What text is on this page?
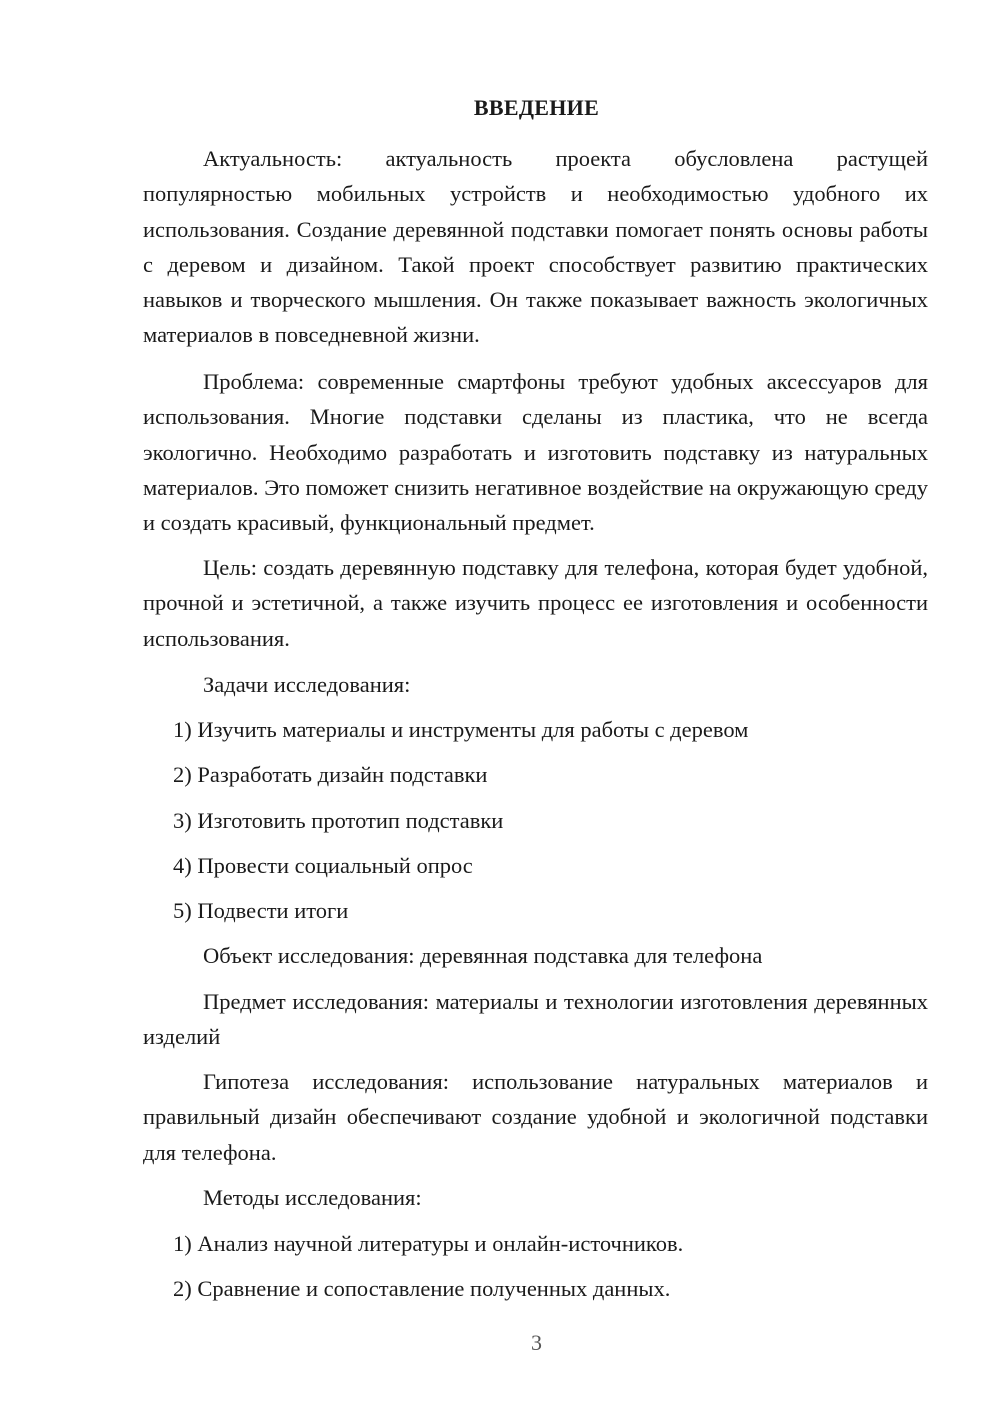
ВВЕДЕНИЕ

Актуальность: актуальность проекта обусловлена растущей популярностью мобильных устройств и необходимостью удобного их использования. Создание деревянной подставки помогает понять основы работы с деревом и дизайном. Такой проект способствует развитию практических навыков и творческого мышления. Он также показывает важность экологичных материалов в повседневной жизни.

Проблема: современные смартфоны требуют удобных аксессуаров для использования. Многие подставки сделаны из пластика, что не всегда экологично. Необходимо разработать и изготовить подставку из натуральных материалов. Это поможет снизить негативное воздействие на окружающую среду и создать красивый, функциональный предмет.

Цель: создать деревянную подставку для телефона, которая будет удобной, прочной и эстетичной, а также изучить процесс ее изготовления и особенности использования.

Задачи исследования:

1) Изучить материалы и инструменты для работы с деревом

2) Разработать дизайн подставки

3) Изготовить прототип подставки

4) Провести социальный опрос

5) Подвести итоги

Объект исследования: деревянная подставка для телефона

Предмет исследования: материалы и технологии изготовления деревянных изделий

Гипотеза исследования: использование натуральных материалов и правильный дизайн обеспечивают создание удобной и экологичной подставки для телефона.

Методы исследования:

1) Анализ научной литературы и онлайн-источников.

2) Сравнение и сопоставление полученных данных.

3
